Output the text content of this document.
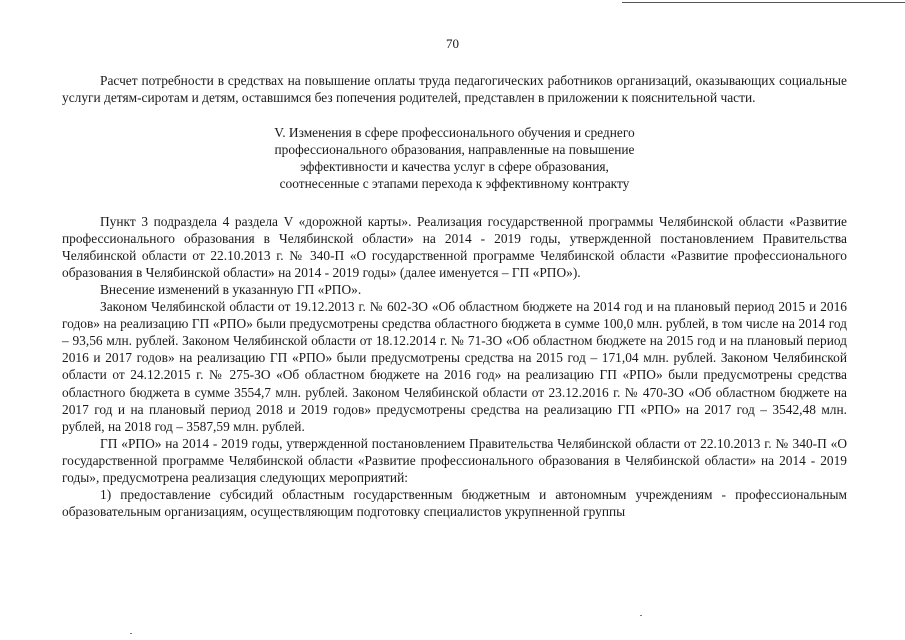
70

Расчет потребности в средствах на повышение оплаты труда педагогических работников организаций, оказывающих социальные услуги детям-сиротам и детям, оставшимся без попечения родителей, представлен в приложении к пояснительной части.

V. Изменения в сфере профессионального обучения и среднего
профессионального образования, направленные на повышение
эффективности и качества услуг в сфере образования,
соотнесенные с этапами перехода к эффективному контракту

Пункт 3 подраздела 4 раздела V «дорожной карты». Реализация государственной программы Челябинской области «Развитие профессионального образования в Челябинской области» на 2014 - 2019 годы, утвержденной постановлением Правительства Челябинской области от 22.10.2013 г. № 340-П «О государственной программе Челябинской области «Развитие профессионального образования в Челябинской области» на 2014 - 2019 годы» (далее именуется – ГП «РПО»).

Внесение изменений в указанную ГП «РПО».

Законом Челябинской области от 19.12.2013 г. № 602-ЗО «Об областном бюджете на 2014 год и на плановый период 2015 и 2016 годов» на реализацию ГП «РПО» были предусмотрены средства областного бюджета в сумме 100,0 млн. рублей, в том числе на 2014 год – 93,56 млн. рублей. Законом Челябинской области от 18.12.2014 г. № 71-ЗО «Об областном бюджете на 2015 год и на плановый период 2016 и 2017 годов» на реализацию ГП «РПО» были предусмотрены средства на 2015 год – 171,04 млн. рублей. Законом Челябинской области от 24.12.2015 г. № 275-ЗО «Об областном бюджете на 2016 год» на реализацию ГП «РПО» были предусмотрены средства областного бюджета в сумме 3554,7 млн. рублей. Законом Челябинской области от 23.12.2016 г. № 470-ЗО «Об областном бюджете на 2017 год и на плановый период 2018 и 2019 годов» предусмотрены средства на реализацию ГП «РПО» на 2017 год – 3542,48 млн. рублей, на 2018 год – 3587,59 млн. рублей.

ГП «РПО» на 2014 - 2019 годы, утвержденной постановлением Правительства Челябинской области от 22.10.2013 г. № 340-П «О государственной программе Челябинской области «Развитие профессионального образования в Челябинской области» на 2014 - 2019 годы», предусмотрена реализация следующих мероприятий:

1) предоставление субсидий областным государственным бюджетным и автономным учреждениям - профессиональным образовательным организациям, осуществляющим подготовку специалистов укрупненной группы
